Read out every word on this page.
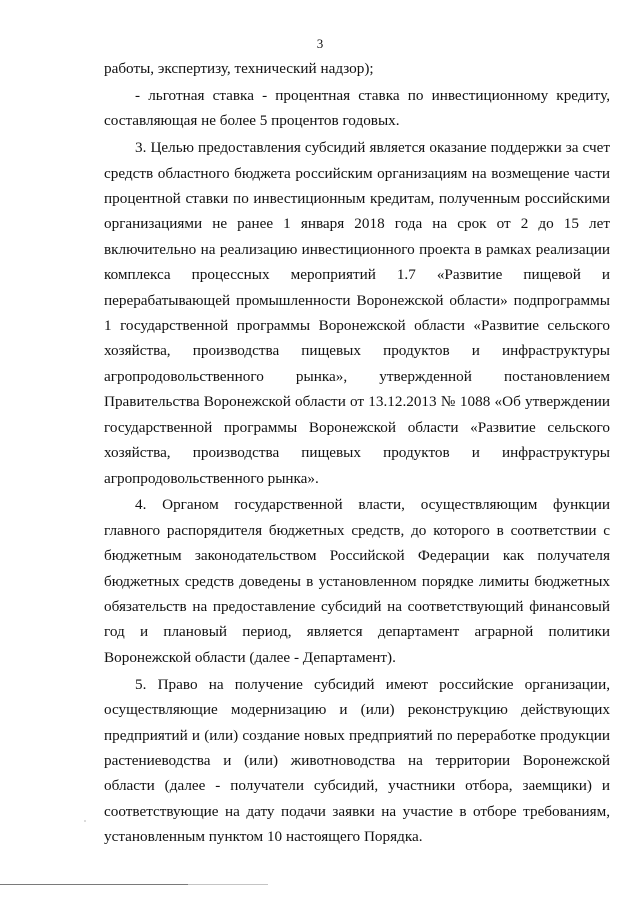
3

работы, экспертизу, технический надзор);

- льготная ставка - процентная ставка по инвестиционному кредиту, составляющая не более 5 процентов годовых.

3. Целью предоставления субсидий является оказание поддержки за счет средств областного бюджета российским организациям на возмещение части процентной ставки по инвестиционным кредитам, полученным российскими организациями не ранее 1 января 2018 года на срок от 2 до 15 лет включительно на реализацию инвестиционного проекта в рамках реализации комплекса процессных мероприятий 1.7 «Развитие пищевой и перерабатывающей промышленности Воронежской области» подпрограммы 1 государственной программы Воронежской области «Развитие сельского хозяйства, производства пищевых продуктов и инфраструктуры агропродовольственного рынка», утвержденной постановлением Правительства Воронежской области от 13.12.2013 № 1088 «Об утверждении государственной программы Воронежской области «Развитие сельского хозяйства, производства пищевых продуктов и инфраструктуры агропродовольственного рынка».

4. Органом государственной власти, осуществляющим функции главного распорядителя бюджетных средств, до которого в соответствии с бюджетным законодательством Российской Федерации как получателя бюджетных средств доведены в установленном порядке лимиты бюджетных обязательств на предоставление субсидий на соответствующий финансовый год и плановый период, является департамент аграрной политики Воронежской области (далее - Департамент).

5. Право на получение субсидий имеют российские организации, осуществляющие модернизацию и (или) реконструкцию действующих предприятий и (или) создание новых предприятий по переработке продукции растениеводства и (или) животноводства на территории Воронежской области (далее - получатели субсидий, участники отбора, заемщики) и соответствующие на дату подачи заявки на участие в отборе требованиям, установленным пунктом 10 настоящего Порядка.
